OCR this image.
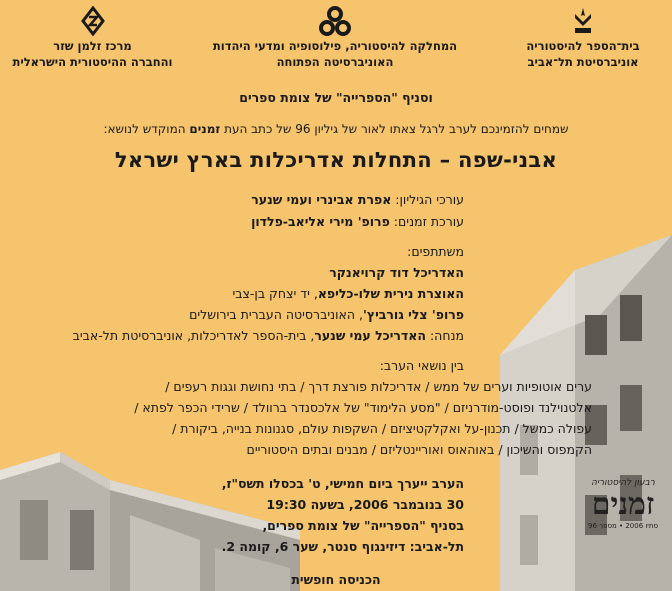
בית־הספר להיסטוריה
אוניברסיטת תל־אביב
המחלקה להיסטוריה, פילוסופיה ומדעי היהדות
האוניברסיטה הפתוחה
מרכז זלמן שזר
והחברה ההיסטורית הישראלית
וסניף "הספרייה" של צומת ספרים
שמחים להזמינכם לערב לרגל צאתו לאור של גיליון 96 של כתב העת זמנים המוקדש לנושא:
אבני-שפה – התחלות אדריכלות בארץ ישראל
עורכי הגיליון: אפרת אבינרי ועמי שנער
עורכת זמנים: פרופ' מירי אליאב-פלדון
משתתפים:
האדריכל דוד קרויאנקר
האוצרת נירית שלו-כליפא, יד יצחק בן-צבי
פרופ' צלי גורביץ', האוניברסיטה העברית בירושלים
מנחה: האדריכל עמי שנער, בית-הספר לאדריכלות, אוניברסיטת תל-אביב
בין נושאי הערב:
ערים אוטופיות וערים של ממש / אדריכלות פורצת דרך / בתי נחושת וגגות רעפים /
אלטנוילנד ופוסט-מודרניזם / "מסע הלימוד" של אלכסנדר ברוולד / שרידי הכפר לפתא /
עפולה כמשל / תכנון-על ואקלקטיציזם / השקפות עולם, סגנונות בנייה, ביקורת /
הקמפוס והשיכון / באוהאוס ואוריינטליזם / מבנים ובתים היסטוריים
הערב ייערך ביום חמישי, ט' בכסלו תשס"ז,
30 בנובמבר 2006, בשעה 19:30
בסניף "הספרייה" של צומת ספרים,
תל-אביב: דיזינגוף סנטר, שער 6, קומה 2.
הכניסה חופשית
רבעון להיסטוריה
זמנים
סתיו 2006 • מספר 96
